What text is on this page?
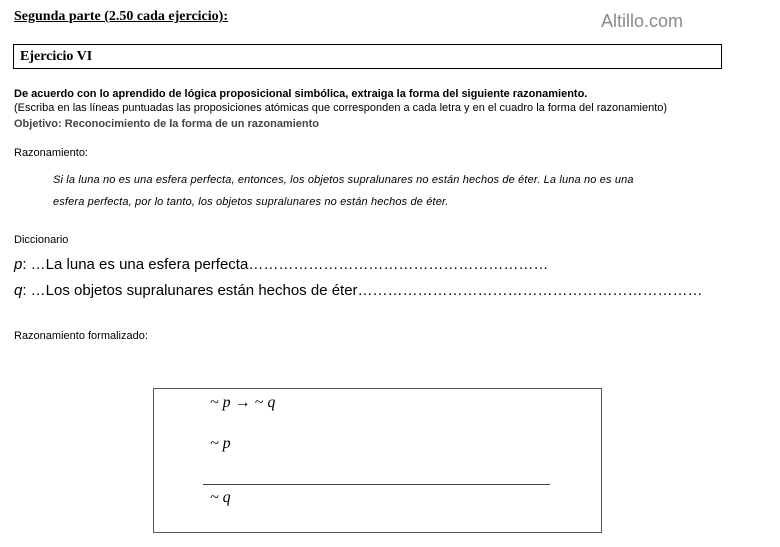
Segunda parte (2.50 cada ejercicio):	Altillo.com
Ejercicio VI
De acuerdo con lo aprendido de lógica proposicional simbólica, extraiga la forma del siguiente razonamiento.
(Escriba en las líneas puntuadas las proposiciones atómicas que corresponden a cada letra y en el cuadro la forma del razonamiento)
Objetivo: Reconocimiento de la forma de un razonamiento
Razonamiento:
Si la luna no es una esfera perfecta, entonces, los objetos supralunares no están hechos de éter. La luna no es una
esfera perfecta, por lo tanto, los objetos supralunares no están hechos de éter.
Diccionario
p: …La luna es una esfera perfecta……………………………………………………
q: …Los objetos supralunares están hechos de éter……………………………………………………………
Razonamiento formalizado:
~ p → ~ q
~ p
~ q
